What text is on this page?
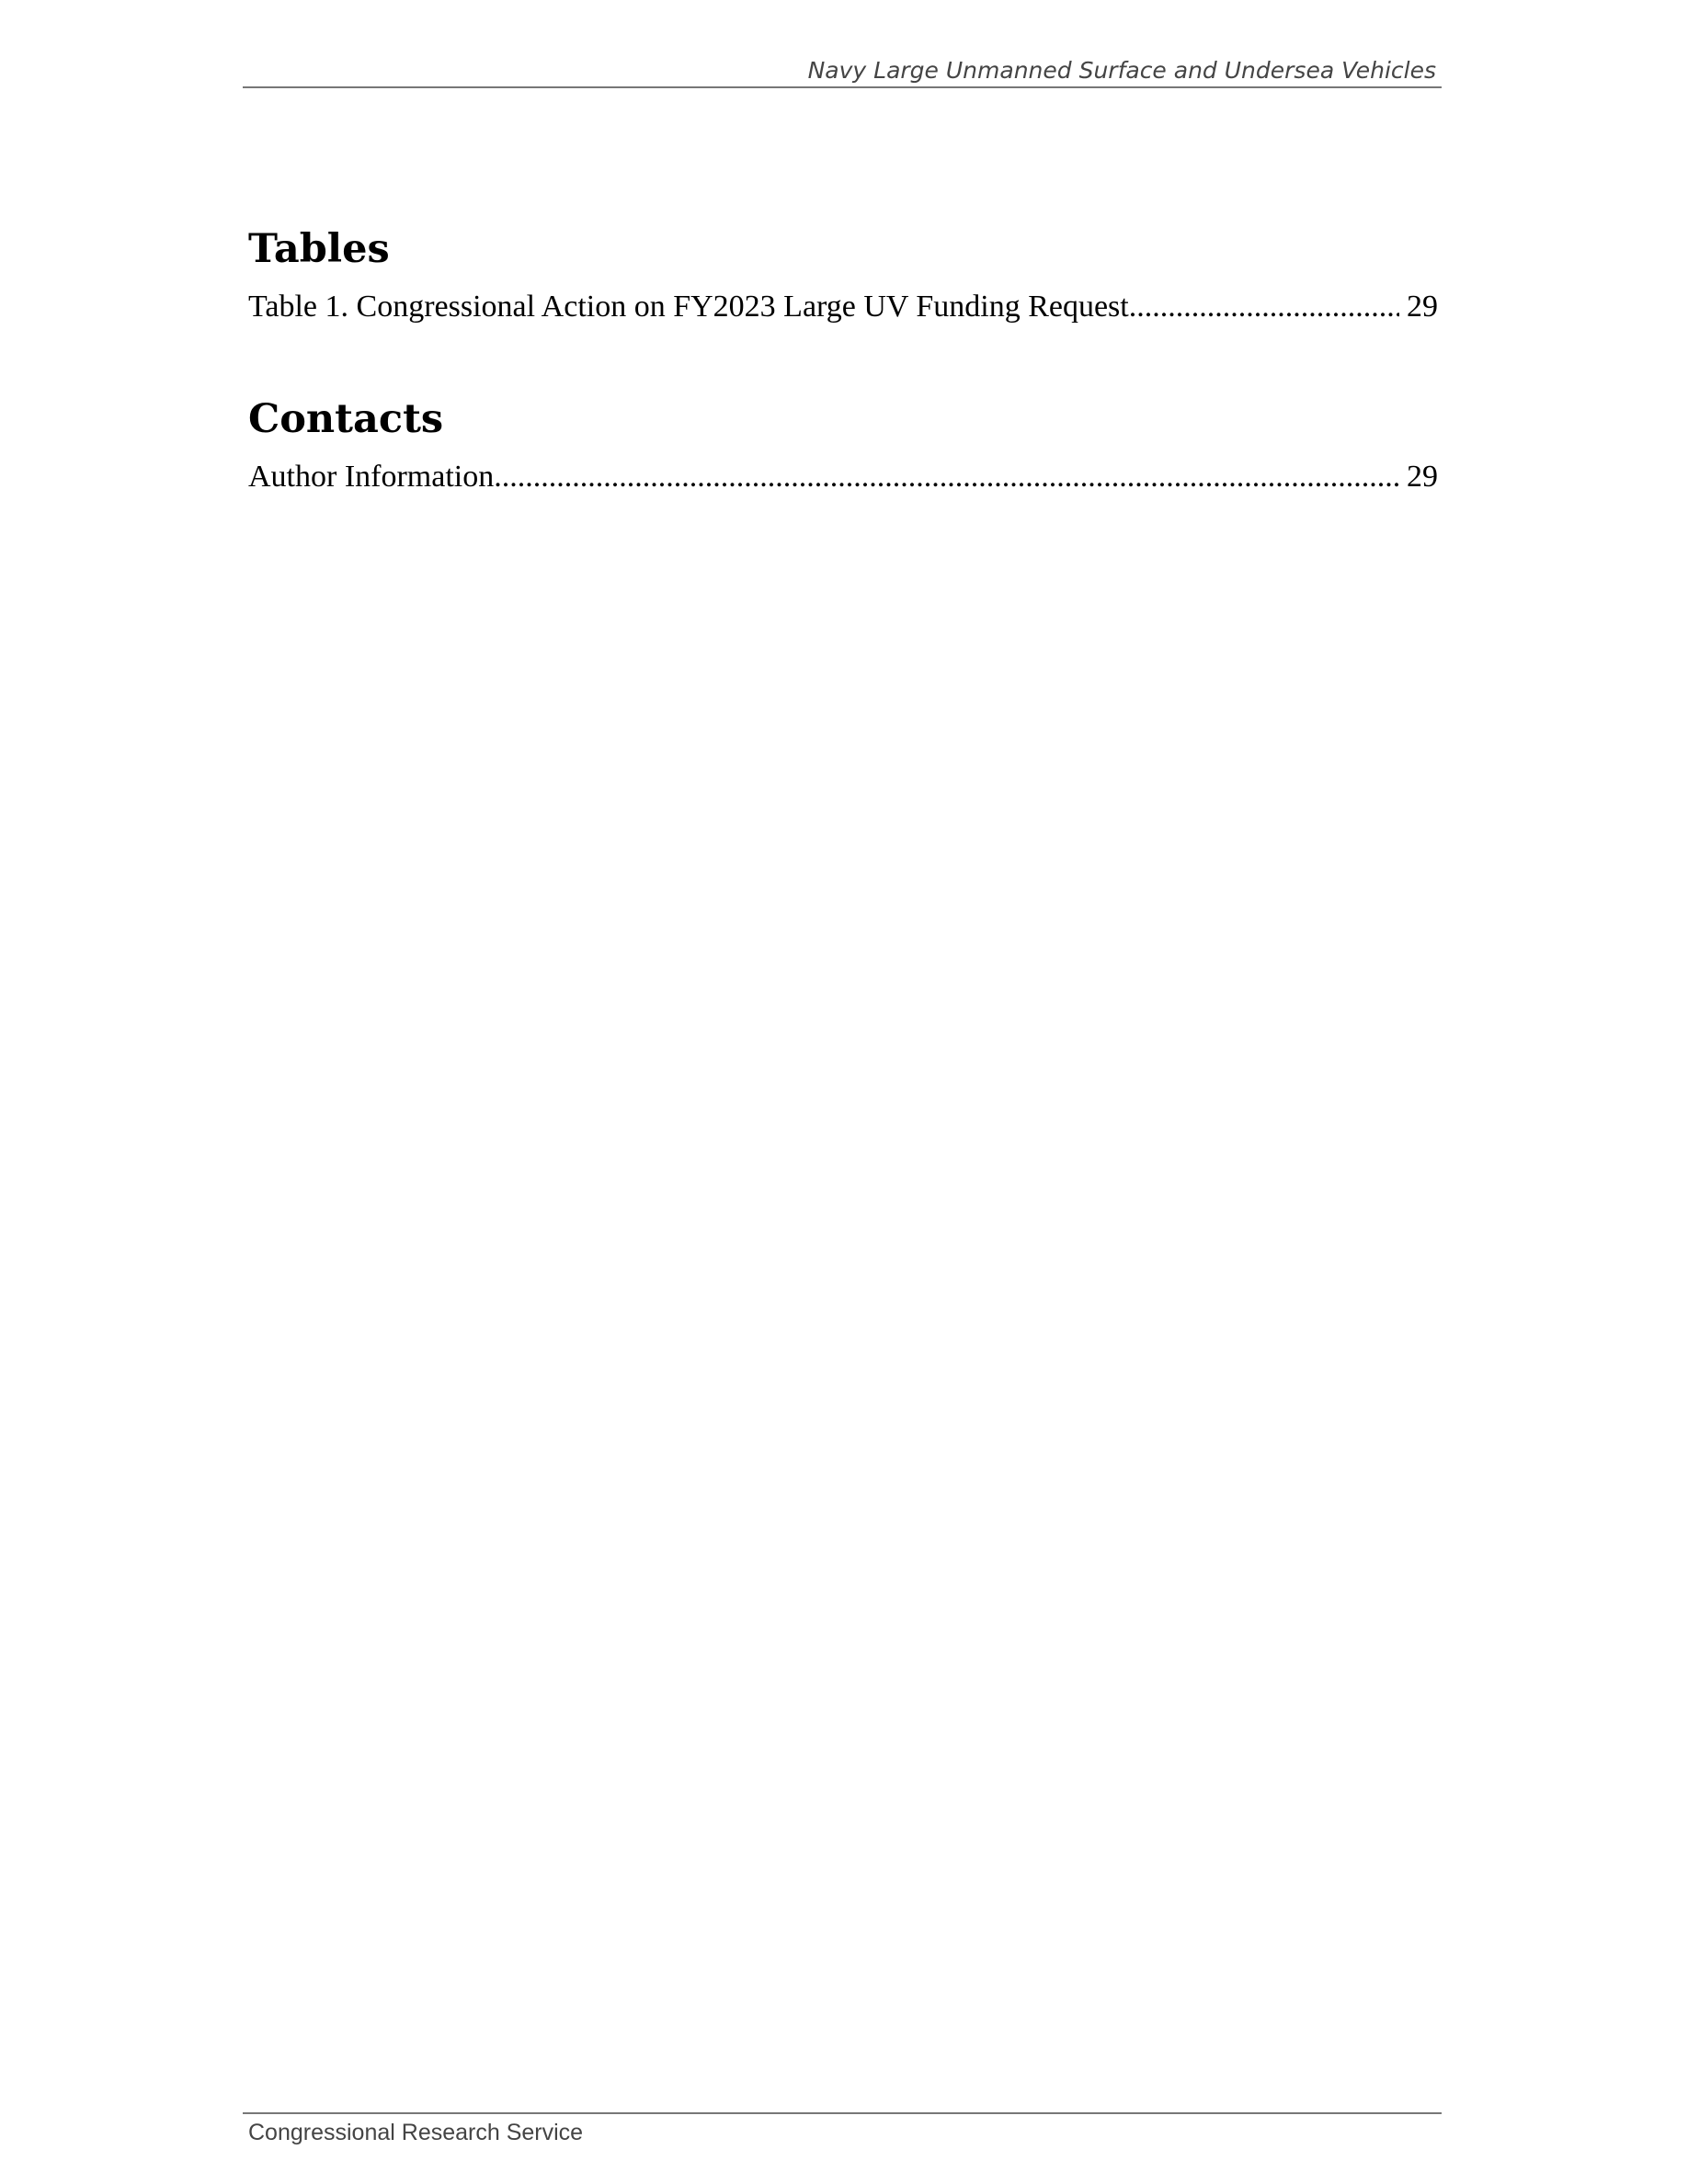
Navy Large Unmanned Surface and Undersea Vehicles
Tables
Table 1. Congressional Action on FY2023 Large UV Funding Request .....	29
Contacts
Author Information .....	29
Congressional Research Service
